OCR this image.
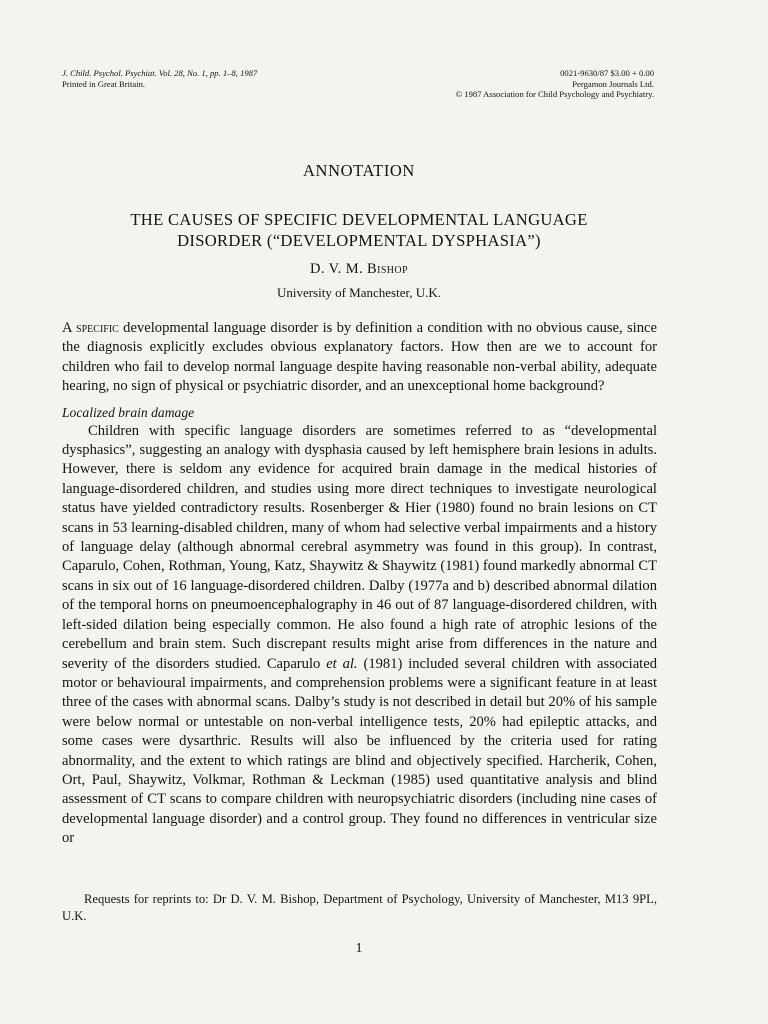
J. Child. Psychol. Psychiat. Vol. 28, No. 1, pp. 1–8, 1987
Printed in Great Britain.
0021-9630/87 $3.00 + 0.00
Pergamon Journals Ltd.
© 1987 Association for Child Psychology and Psychiatry.
ANNOTATION
THE CAUSES OF SPECIFIC DEVELOPMENTAL LANGUAGE
DISORDER (“DEVELOPMENTAL DYSPHASIA”)
D. V. M. Bishop
University of Manchester, U.K.

A specific developmental language disorder is by definition a condition with no obvious cause, since the diagnosis explicitly excludes obvious explanatory factors. How then are we to account for children who fail to develop normal language despite having reasonable non-verbal ability, adequate hearing, no sign of physical or psychiatric disorder, and an unexceptional home background?

Localized brain damage

Children with specific language disorders are sometimes referred to as “developmental dysphasics”, suggesting an analogy with dysphasia caused by left hemisphere brain lesions in adults. However, there is seldom any evidence for acquired brain damage in the medical histories of language-disordered children, and studies using more direct techniques to investigate neurological status have yielded contradictory results. Rosenberger & Hier (1980) found no brain lesions on CT scans in 53 learning-disabled children, many of whom had selective verbal impairments and a history of language delay (although abnormal cerebral asymmetry was found in this group). In contrast, Caparulo, Cohen, Rothman, Young, Katz, Shaywitz & Shaywitz (1981) found markedly abnormal CT scans in six out of 16 language-disordered children. Dalby (1977a and b) described abnormal dilation of the temporal horns on pneumoencephalography in 46 out of 87 language-disordered children, with left-sided dilation being especially common. He also found a high rate of atrophic lesions of the cerebellum and brain stem. Such discrepant results might arise from differences in the nature and severity of the disorders studied. Caparulo et al. (1981) included several children with associated motor or behavioural impairments, and comprehension problems were a significant feature in at least three of the cases with abnormal scans. Dalby’s study is not described in detail but 20% of his sample were below normal or untestable on non-verbal intelligence tests, 20% had epileptic attacks, and some cases were dysarthric. Results will also be influenced by the criteria used for rating abnormality, and the extent to which ratings are blind and objectively specified. Harcherik, Cohen, Ort, Paul, Shaywitz, Volkmar, Rothman & Leckman (1985) used quantitative analysis and blind assessment of CT scans to compare children with neuropsychiatric disorders (including nine cases of developmental language disorder) and a control group. They found no differences in ventricular size or

Requests for reprints to: Dr D. V. M. Bishop, Department of Psychology, University of Manchester, M13 9PL, U.K.
1
